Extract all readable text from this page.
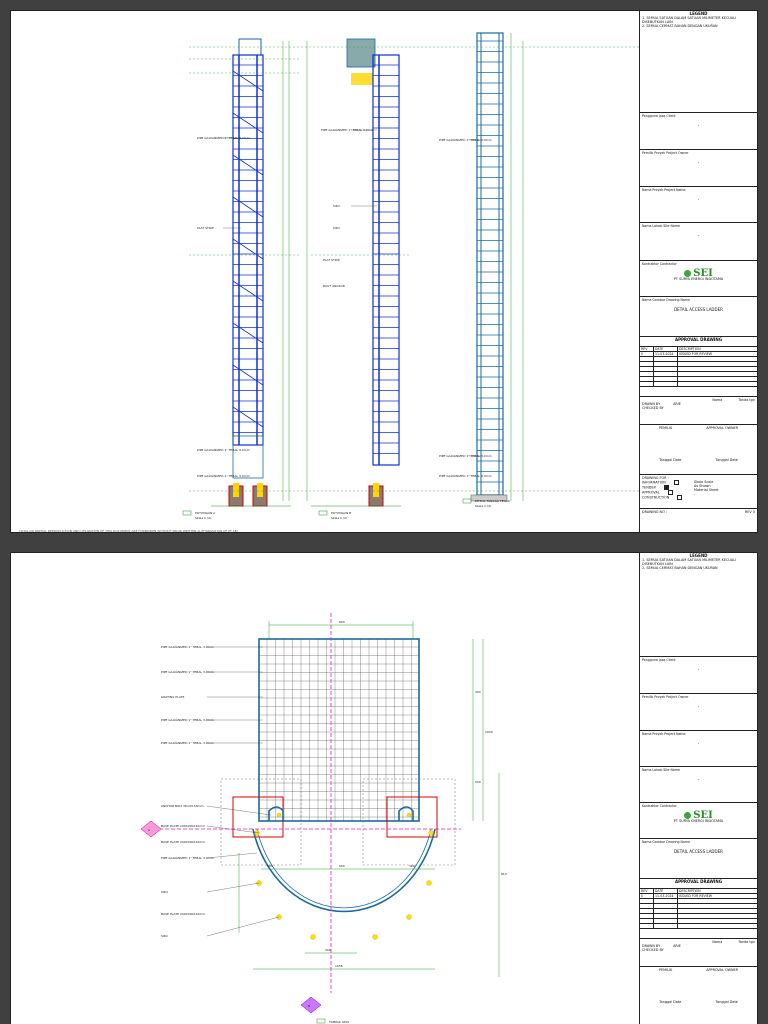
POTONGAN A
Skala 1:10
POTONGAN B
Skala 1:10
DETAIL TANGGA TEGAK
Skala 1:10
PIPE GALVANIZED 1" TEBAL 3,0mm
PLAT STRIP
PIPE GALVANIZED 1" TEBAL 3,0mm
PIPE GALVANIZED 1" TEBAL 3,0mm
PIPE GALVANIZED 1" TEBAL 3,0mm
SIKU
SIKU
PLAT STRIP
BAUT ANGKUR
PIPE GALVANIZED 1" TEBAL 3,0mm
PIPE GALVANIZED 1" TEBAL 3,0mm
PIPE GALVANIZED 1" TEBAL 3,0mm
TOTAL OR PARTIAL REPRODUCTION AND UTILIZATION OF THIS DOCUMENT ARE FORBIDDEN WITHOUT PRIOR WRITTEN AUTHORIZATION OF PT SEI
LEGEND
1. SEMUA SATUAN DALAM SATUAN MILIMETER KECUALI DISEBUTKAN LAIN
2. SEMUA CERMAT BAHAN DENGAN UKURAN
Pengguna Jasa Client
-
Pemilik Proyek Project Owner
-
Nama Proyek Project Name
-
Nama Lokasi Site Name
-
Kontraktor Contractor
SEI
PT SURYA ENERGI INDOTAMA
Nama Gambar Drawing Name
DETAIL ACCESS LADDER
APPROVAL DRAWING
REV	DATE	DESCRIPTION
0	11-03-2024	ISSUED FOR REVIEW
Nama	Tanda tgn
DRAWN BY	ARIE
CHECKED BY
PEMILIK	APPROVAL OWNER
Tanggal Date	Tanggal Date
DRAWING FOR :
INFORMATION
TENDER
APPROVAL
CONSTRUCTION
Skala Scale
As Shown
Material Sheet
-
DRAWING NO :	REV 0
800
300
1000
500
300	500	300
810
300
1056
A
B
PIPE GALVANIZED 1" TEBAL 3,0mm
PIPE GALVANIZED 1" TEBAL 3,0mm
GRATING PLATE
PIPE GALVANIZED 1" TEBAL 3,0mm
PIPE GALVANIZED 1" TEBAL 3,0mm
ANCHOR BOLT M12X150mm
BASE PLATE 200X200X10mm
BASE PLATE 200X200X10mm
PIPE GALVANIZED 1" TEBAL 3,0mm
SIKU
BASE PLATE 200X200X10mm
SIKU
TAMPAK ATAS
LEGEND
1. SEMUA SATUAN DALAM SATUAN MILIMETER KECUALI DISEBUTKAN LAIN
2. SEMUA CERMAT BAHAN DENGAN UKURAN
Pengguna Jasa Client
-
Pemilik Proyek Project Owner
-
Nama Proyek Project Name
-
Nama Lokasi Site Name
-
Kontraktor Contractor
SEI
PT SURYA ENERGI INDOTAMA
Nama Gambar Drawing Name
DETAIL ACCESS LADDER
APPROVAL DRAWING
REV	DATE	DESCRIPTION
0	11-03-2024	ISSUED FOR REVIEW
Nama	Tanda tgn
DRAWN BY	ARIE
CHECKED BY
PEMILIK	APPROVAL OWNER
Tanggal Date	Tanggal Date
